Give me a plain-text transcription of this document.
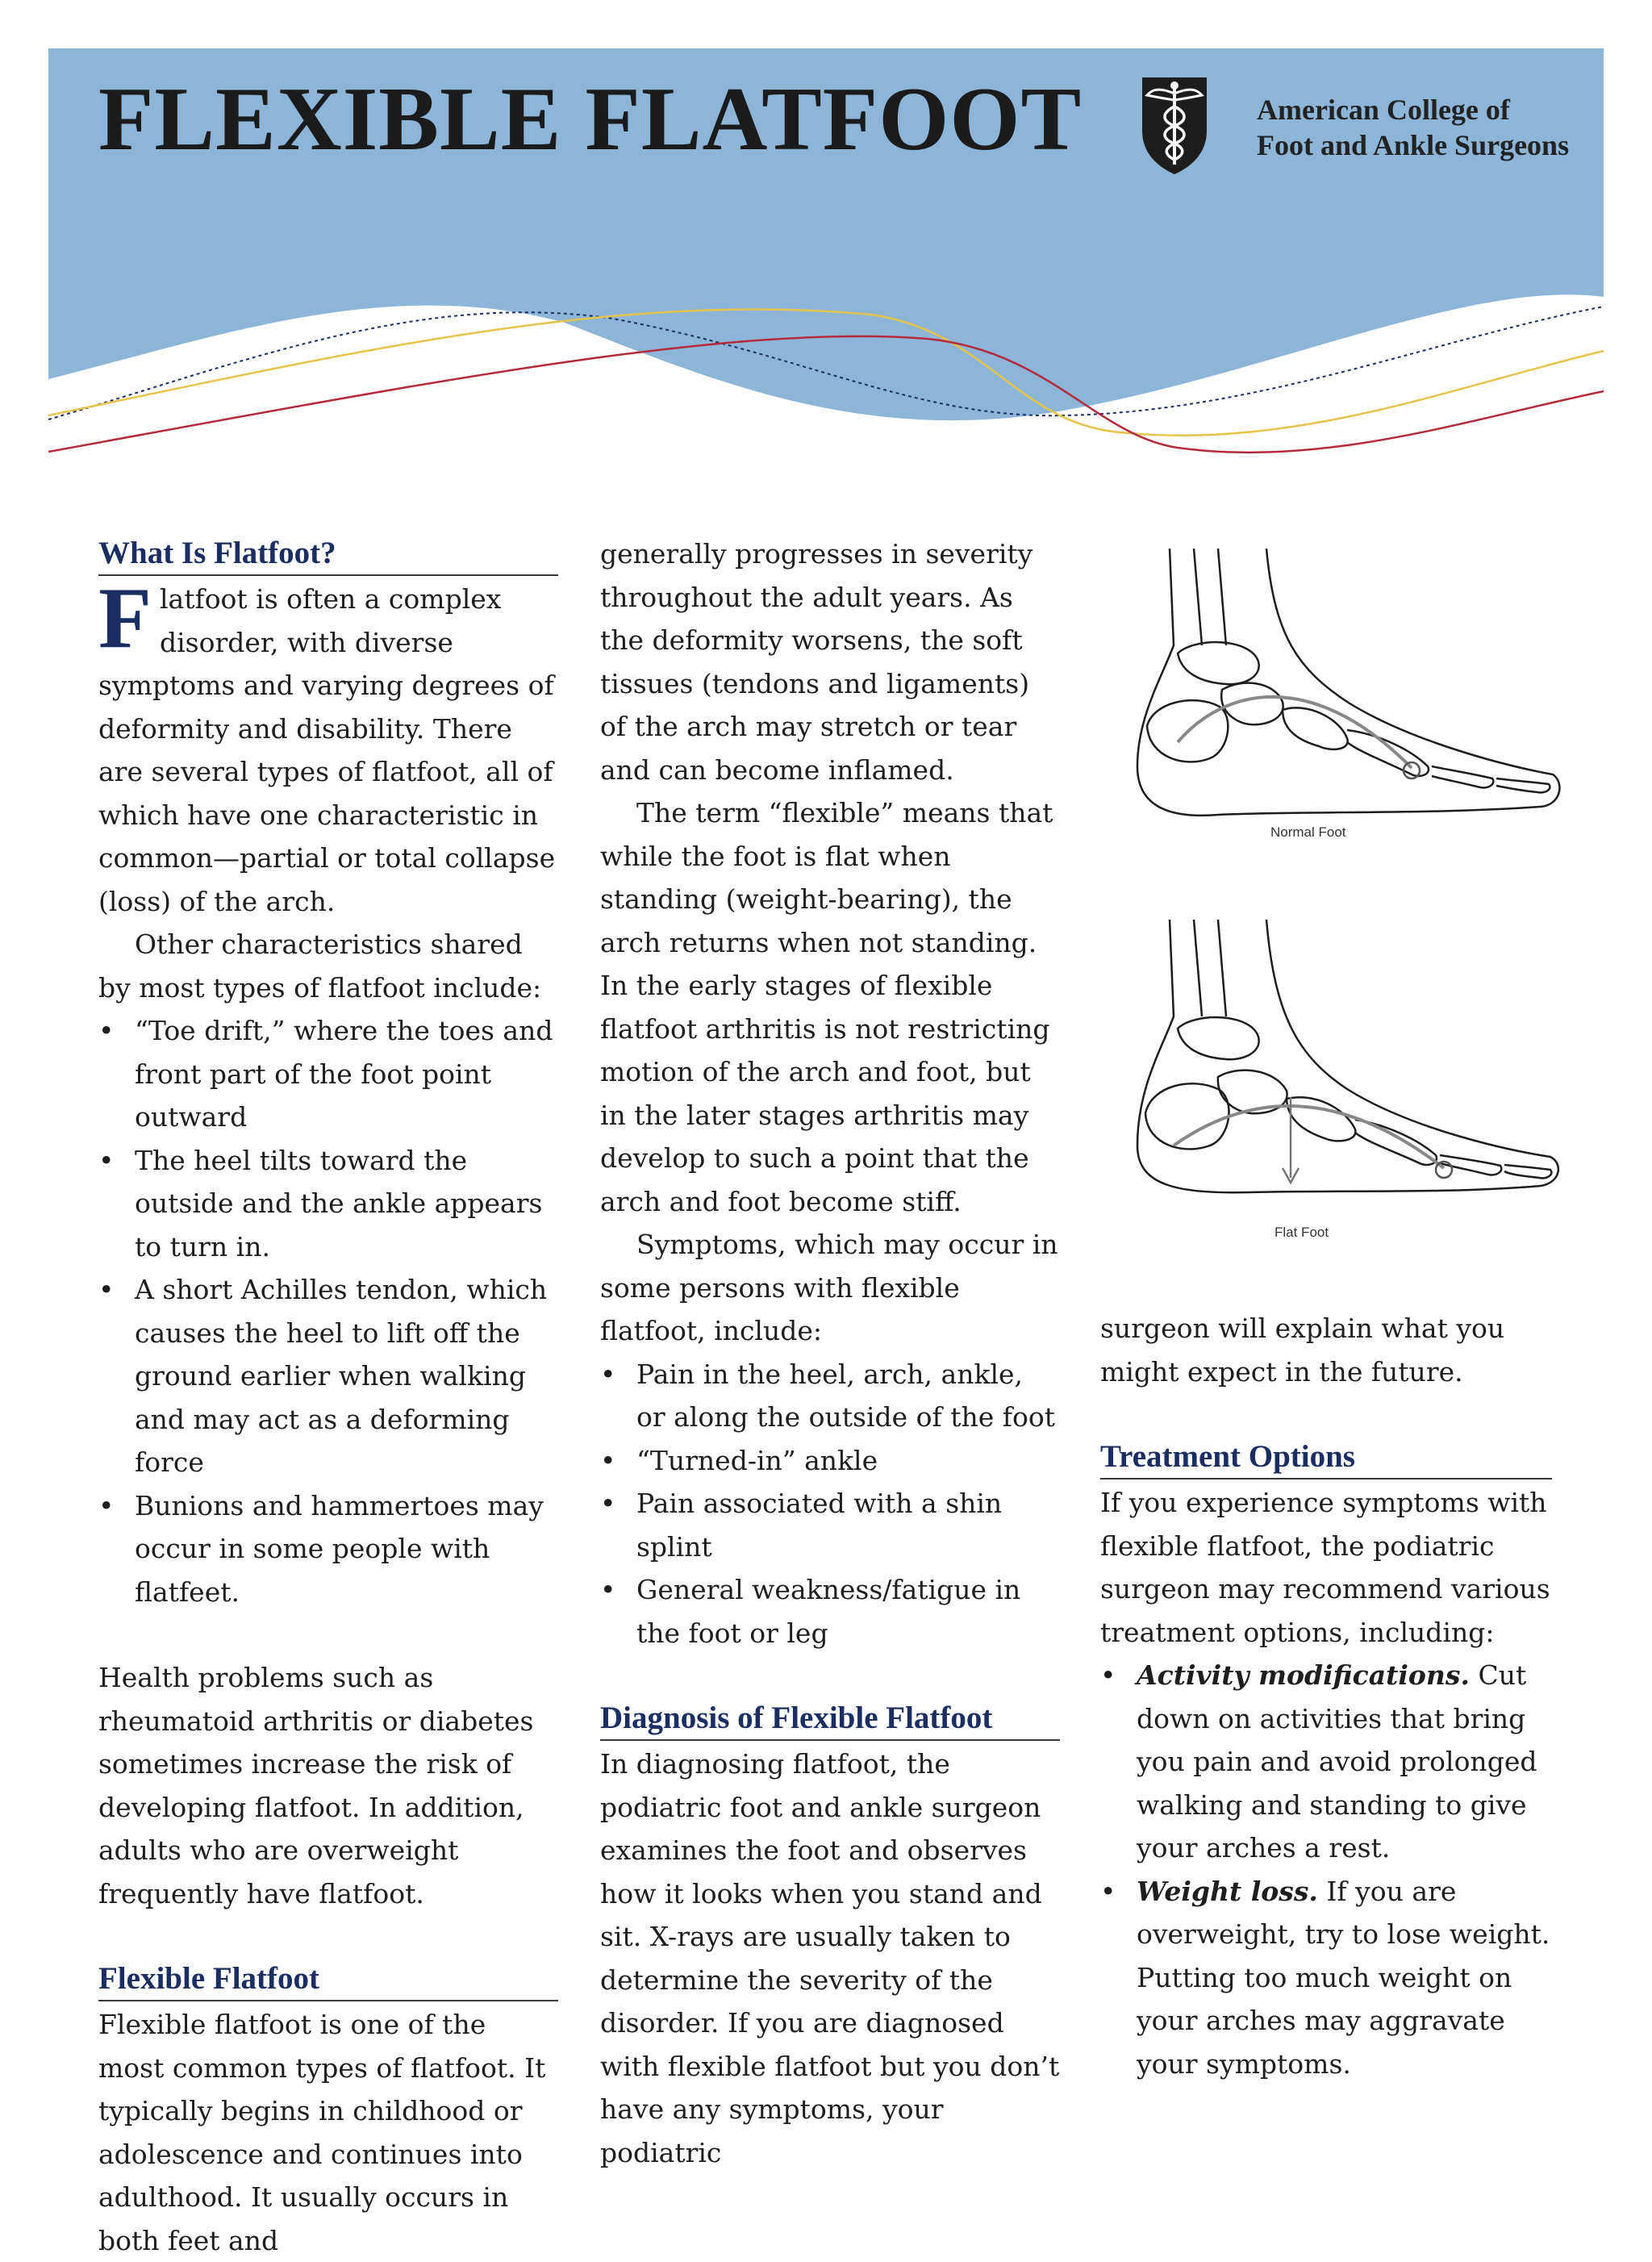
FLEXIBLE FLATFOOT	American College of
Foot and Ankle Surgeons
What Is Flatfoot?

Flatfoot is often a complex disorder, with diverse symptoms and varying degrees of deformity and disability. There are several types of flatfoot, all of which have one characteristic in common—partial or total collapse (loss) of the arch.

Other characteristics shared by most types of flatfoot include:

• “Toe drift,” where the toes and front part of the foot point outward
• The heel tilts toward the outside and the ankle appears to turn in.
• A short Achilles tendon, which causes the heel to lift off the ground earlier when walking and may act as a deforming force
• Bunions and hammertoes may occur in some people with flatfeet.

Health problems such as rheumatoid arthritis or diabetes sometimes increase the risk of developing flatfoot. In addition, adults who are overweight frequently have flatfoot.

Flexible Flatfoot

Flexible flatfoot is one of the most common types of flatfoot. It typically begins in childhood or adolescence and continues into adulthood. It usually occurs in both feet and

generally progresses in severity throughout the adult years. As the deformity worsens, the soft tissues (tendons and ligaments) of the arch may stretch or tear and can become inflamed.

The term “flexible” means that while the foot is flat when standing (weight-bearing), the arch returns when not standing. In the early stages of flexible flatfoot arthritis is not restricting motion of the arch and foot, but in the later stages arthritis may develop to such a point that the arch and foot become stiff.

Symptoms, which may occur in some persons with flexible flatfoot, include:

• Pain in the heel, arch, ankle, or along the outside of the foot
• “Turned-in” ankle
• Pain associated with a shin splint
• General weakness/fatigue in the foot or leg
Diagnosis of Flexible Flatfoot

In diagnosing flatfoot, the podiatric foot and ankle surgeon examines the foot and observes how it looks when you stand and sit. X-rays are usually taken to determine the severity of the disorder. If you are diagnosed with flexible flatfoot but you don’t have any symptoms, your podiatric

Normal Foot
Flat Foot

surgeon will explain what you might expect in the future.

Treatment Options

If you experience symptoms with flexible flatfoot, the podiatric surgeon may recommend various treatment options, including:

• Activity modifications. Cut down on activities that bring you pain and avoid prolonged walking and standing to give your arches a rest.
• Weight loss. If you are overweight, try to lose weight. Putting too much weight on your arches may aggravate your symptoms.
